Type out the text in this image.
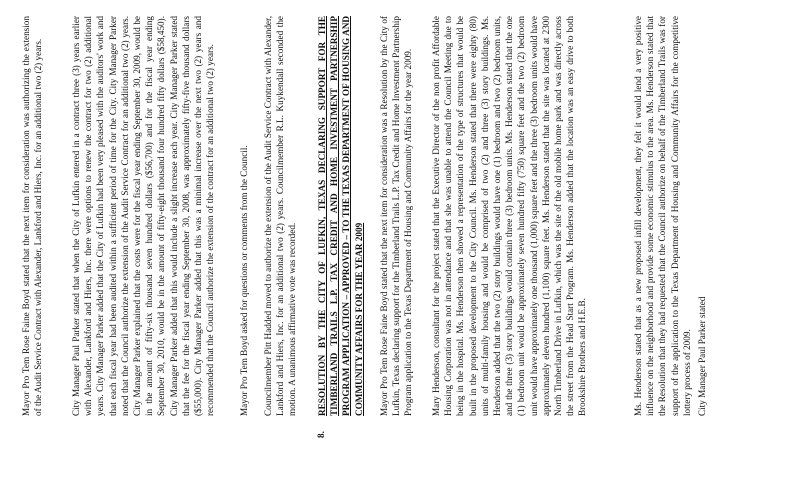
Mayor Pro Tem Rose Faine Boyd stated that the next item for consideration was authorizing the extension of the Audit Service Contract with Alexander, Lankford and Hiers, Inc. for an additional two (2) years.	City Manager Paul Parker stated that when the City of Lufkin entered in a contract three (3) years earlier with Alexander, Lankford and Hiers, Inc. there were options to renew the contract for two (2) additional years. City Manager Parker added that the City of Lufkin had been very pleased with the auditors' work and that each fiscal year had been audited within a sufficient period of time for the City. City Manager Parker noted that the Council authorize the extension of the Audit Service Contract for an additional two (2) years. City Manager Parker explained that the costs were for the fiscal year ending September 30, 2009, would be in the amount of fifty-six thousand seven hundred dollars ($56,700) and for the fiscal year ending September 30, 2010, would be in the amount of fifty-eight thousand four hundred fifty dollars ($58,450). City Manager Parker added that this would include a slight increase each year. City Manager Parker stated that the fee for the fiscal year ending September 30, 2008, was approximately fifty-five thousand dollars ($55,000). City Manager Parker added that this was a minimal increase over the next two (2) years and recommended that the Council authorize the extension of the contract for an additional two (2) years.	Mayor Pro Tem Boyd asked for questions or comments from the Council. Councilmember Pitt Hadded moved to authorize the extension of the Audit Service Contract with Alexander, Lankford and Hiers, Inc. for an additional two (2) years. Councilmember R.L. Kuykendall seconded the motion. A unanimous affirmative vote was recorded.
8.
RESOLUTION BY THE CITY OF LUFKIN, TEXAS DECLARING SUPPORT FOR THE TIMBERLAND TRAILS L.P. TAX CREDIT AND HOME INVESTMENT PARTNERSHIP PROGRAM APPLICATION – APPROVED – TO THE TEXAS DEPARTMENT OF HOUSING AND COMMUNITY AFFAIRS FOR THE YEAR 2009 Mayor Pro Tem Rose Faine Boyd stated that the next item for consideration was a Resolution by the City of Lufkin, Texas declaring support for the Timberland Trails L.P. Tax Credit and Home Investment Partnership Program application to the Texas Department of Housing and Community Affairs for the year 2009. Mary Henderson, consultant for the project stated that the Executive Director of the non profit Affordable Housing Corporation was not in attendance and that she was unable to attend the Council Meeting due to being in the hospital. Ms. Henderson then showed a representation of the type of structures that would be built in the proposed development to the City Council. Ms. Henderson stated that there were eighty (80) units of multi-family housing and would be comprised of two (2) and three (3) story buildings. Ms. Henderson added that the two (2) story buildings would have one (1) bedroom and two (2) bedroom units, and the three (3) story buildings would contain three (3) bedroom units. Ms. Henderson stated that the one (1) bedroom unit would be approximately seven hundred fifty (750) square feet and the two (2) bedroom unit would have approximately one thousand (1,000) square feet and the three (3) bedroom units would have approximately eleven hundred (1,100) square feet. Ms. Henderson stated that the site was located at 2300 North Timberland Drive in Lufkin, which was the site of the old mobile home park and was directly across the street from the Head Start Program. Ms. Henderson added that the location was an easy drive to both Brookshire Brothers and H.E.B.	Ms. Henderson stated that as a new proposed infill development, they felt it would lend a very positive influence on the neighborhood and provide some economic stimulus to the area. Ms. Henderson stated that the Resolution that they had requested that the Council authorize on behalf of the Timberland Trails was for support of the application to the Texas Department of Housing and Community Affairs for the competitive lottery process of 2009. City Manager Paul Parker stated
